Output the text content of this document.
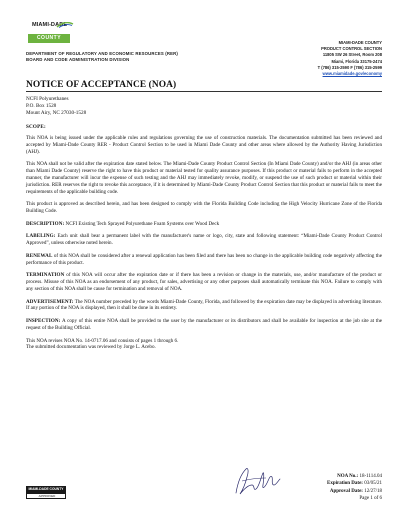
MIAMI-DADE
COUNTY
DEPARTMENT OF REGULATORY AND ECONOMIC RESOURCES (RER)
BOARD AND CODE ADMINISTRATION DIVISION
MIAMI-DADE COUNTY
PRODUCT CONTROL SECTION
11805 SW 26 Street, Room 208
Miami, Florida 33175-2474
T (786) 315-2590 F (786) 315-2599
www.miamidade.gov/economy
NOTICE OF ACCEPTANCE (NOA)
NCFI Polyurethanes
P.O. Box 1528
Mount Airy, NC 27030-1528
SCOPE:

This NOA is being issued under the applicable rules and regulations governing the use of construction materials. The documentation submitted has been reviewed and accepted by Miami-Dade County RER - Product Control Section to be used in Miami Dade County and other areas where allowed by the Authority Having Jurisdiction (AHJ).

This NOA shall not be valid after the expiration date stated below. The Miami-Dade County Product Control Section (In Miami Dade County) and/or the AHJ (in areas other than Miami Dade County) reserve the right to have this product or material tested for quality assurance purposes. If this product or material fails to perform in the accepted manner, the manufacturer will incur the expense of such testing and the AHJ may immediately revoke, modify, or suspend the use of such product or material within their jurisdiction. RER reserves the right to revoke this acceptance, if it is determined by Miami-Dade County Product Control Section that this product or material fails to meet the requirements of the applicable building code.

This product is approved as described herein, and has been designed to comply with the Florida Building Code including the High Velocity Hurricane Zone of the Florida Building Code.

DESCRIPTION: NCFI Existing Tech Sprayed Polyurethane Foam Systems over Wood Deck

LABELING: Each unit shall bear a permanent label with the manufacturer's name or logo, city, state and following statement: “Miami-Dade County Product Control Approved”, unless otherwise noted herein.

RENEWAL of this NOA shall be considered after a renewal application has been filed and there has been no change in the applicable building code negatively affecting the performance of this product.

TERMINATION of this NOA will occur after the expiration date or if there has been a revision or change in the materials, use, and/or manufacture of the product or process. Misuse of this NOA as an endorsement of any product, for sales, advertising or any other purposes shall automatically terminate this NOA. Failure to comply with any section of this NOA shall be cause for termination and removal of NOA.

ADVERTISEMENT: The NOA number preceded by the words Miami-Dade County, Florida, and followed by the expiration date may be displayed in advertising literature. If any portion of the NOA is displayed, then it shall be done in its entirety.

INSPECTION: A copy of this entire NOA shall be provided to the user by the manufacturer or its distributors and shall be available for inspection at the job site at the request of the Building Official.

This NOA revises NOA No. 14-0717.06 and consists of pages 1 through 6.
The submitted documentation was reviewed by Jorge L. Acebo.
MIAMI-DADE COUNTY
APPROVED
NOA No.: 18-1114.04
Expiration Date: 03/05/21
Approval Date: 12/27/18
Page 1 of 6
